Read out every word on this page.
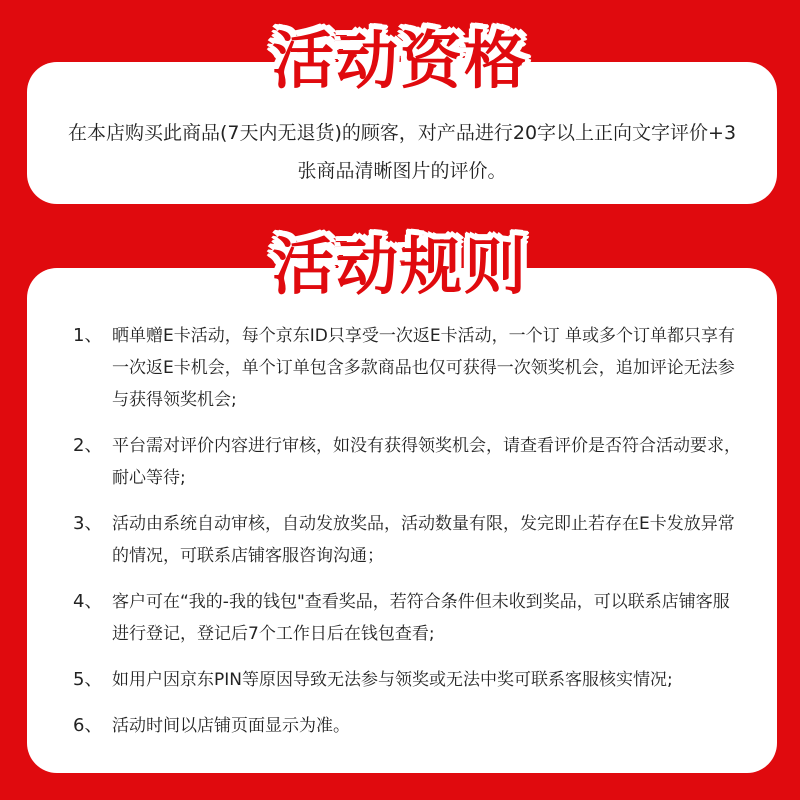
在本店购买此商品(7天内无退货)的顾客，对产品进行20字以上正向文字评价+3张商品清晰图片的评价。
活动资格
1、 晒单赠E卡活动，每个京东ID只享受一次返E卡活动，一个订 单或多个订单都只享有一次返E卡机会，单个订单包含多款商品也仅可获得一次领奖机会，追加评论无法参与获得领奖机会;
2、 平台需对评价内容进行审核，如没有获得领奖机会，请查看评价是否符合活动要求，耐心等待;
3、 活动由系统自动审核，自动发放奖品，活动数量有限，发完即止若存在E卡发放异常的情况，可联系店铺客服咨询沟通；
4、 客户可在“我的-我的钱包"查看奖品，若符合条件但未收到奖品，可以联系店铺客服进行登记，登记后7个工作日后在钱包查看;
5、 如用户因京东PIN等原因导致无法参与领奖或无法中奖可联系客服核实情况;
6、 活动时间以店铺页面显示为准。
活动规则
